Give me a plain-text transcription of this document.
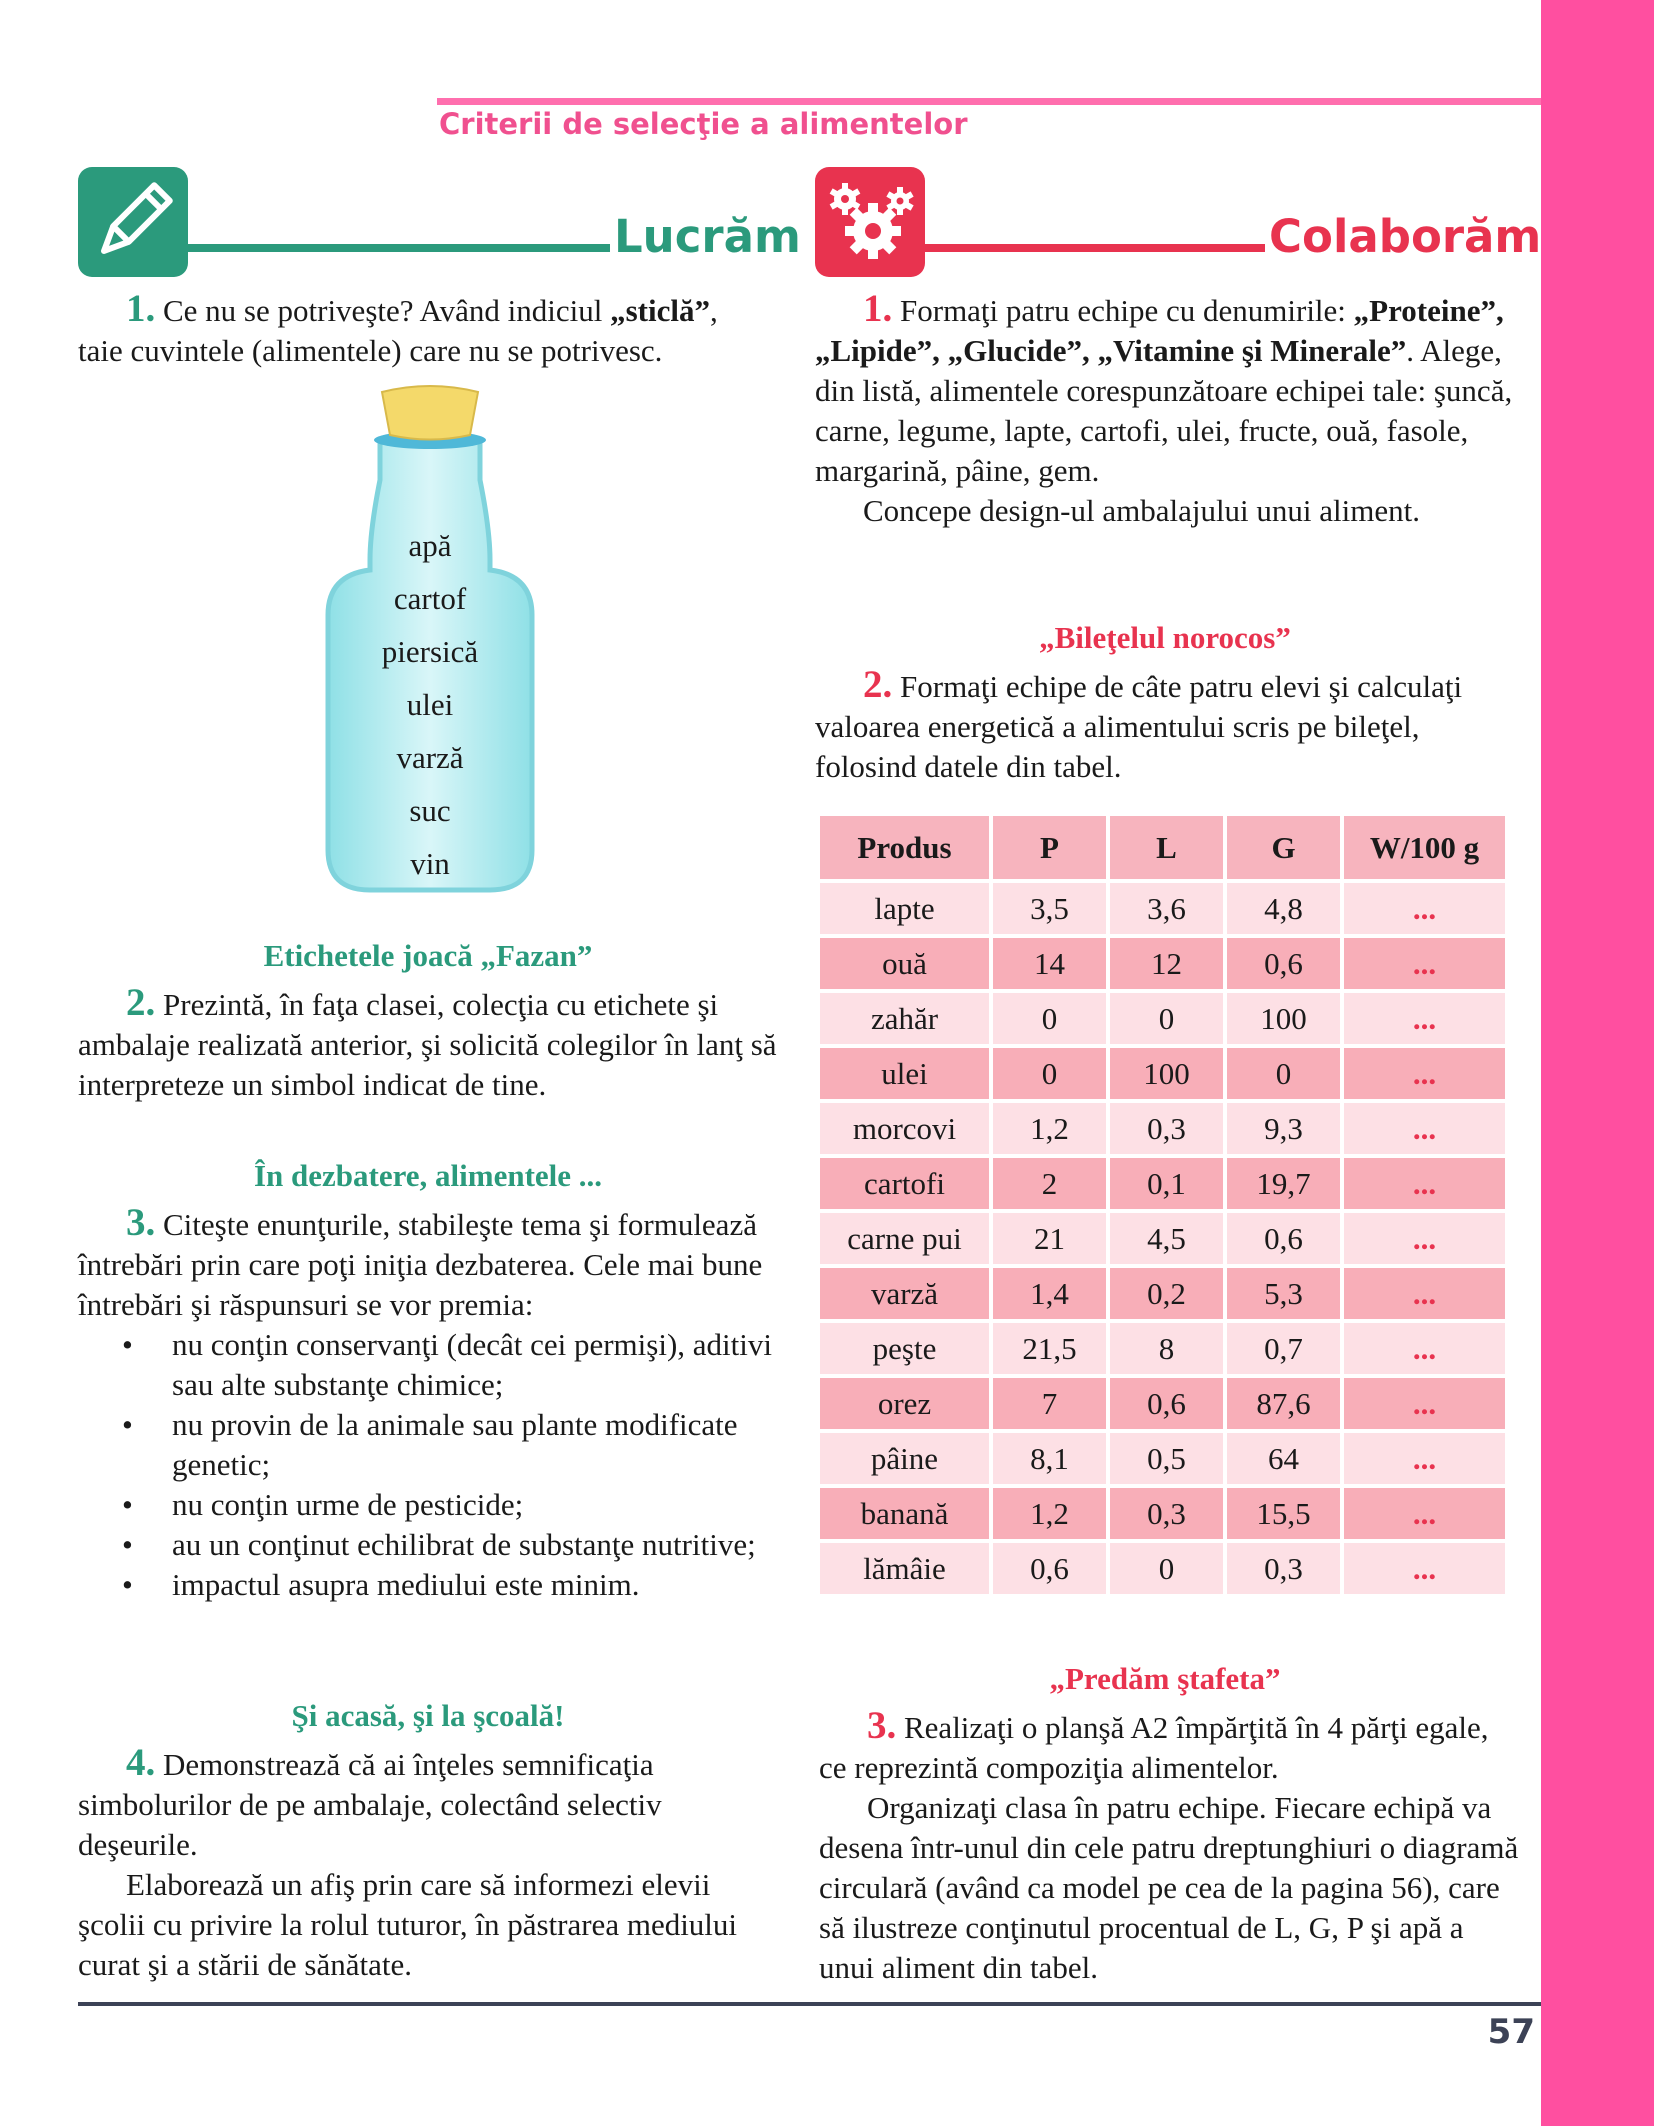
Criterii de selecţie a alimentelor
Lucrăm
1. Ce nu se potriveşte? Având indiciul „sticlă”, taie cuvintele (alimentele) care nu se potrivesc.
apă
cartof
piersică
ulei
varză
suc
vin
Etichetele joacă „Fazan”
2. Prezintă, în faţa clasei, colecţia cu etichete şi ambalaje realizată anterior, şi solicită colegilor în lanţ să interpreteze un simbol indicat de tine.
În dezbatere, alimentele ...
3. Citeşte enunţurile, stabileşte tema şi formulează întrebări prin care poţi iniţia dezbaterea. Cele mai bune întrebări şi răspunsuri se vor premia:
• nu conţin conservanţi (decât cei permişi), aditivi sau alte substanţe chimice;
• nu provin de la animale sau plante modificate genetic;
• nu conţin urme de pesticide;
• au un conţinut echilibrat de substanţe nutritive;
• impactul asupra mediului este minim.
Şi acasă, şi la şcoală!
4. Demonstrează că ai înţeles semnificaţia simbolurilor de pe ambalaje, colectând selectiv deşeurile.
Elaborează un afiş prin care să informezi elevii şcolii cu privire la rolul tuturor, în păstrarea mediului curat şi a stării de sănătate.
Colaborăm
1. Formaţi patru echipe cu denumirile: „Proteine”, „Lipide”, „Glucide”, „Vitamine şi Minerale”. Alege, din listă, alimentele corespunzătoare echipei tale: şuncă, carne, legume, lapte, cartofi, ulei, fructe, ouă, fasole, margarină, pâine, gem.
Concepe design-ul ambalajului unui aliment.
„Bileţelul norocos”
2. Formaţi echipe de câte patru elevi şi calculaţi valoarea energetică a alimentului scris pe bileţel, folosind datele din tabel.
Produs	P	L	G	W/100 g
lapte	3,5	3,6	4,8	...
ouă	14	12	0,6	...
zahăr	0	0	100	...
ulei	0	100	0	...
morcovi	1,2	0,3	9,3	...
cartofi	2	0,1	19,7	...
carne pui	21	4,5	0,6	...
varză	1,4	0,2	5,3	...
peşte	21,5	8	0,7	...
orez	7	0,6	87,6	...
pâine	8,1	0,5	64	...
banană	1,2	0,3	15,5	...
lămâie	0,6	0	0,3	...
„Predăm ştafeta”
3. Realizaţi o planşă A2 împărţită în 4 părţi egale, ce reprezintă compoziţia alimentelor.
Organizaţi clasa în patru echipe. Fiecare echipă va desena într-unul din cele patru dreptunghiuri o diagramă circulară (având ca model pe cea de la pagina 56), care să ilustreze conţinutul procentual de L, G, P şi apă a unui aliment din tabel.
57
